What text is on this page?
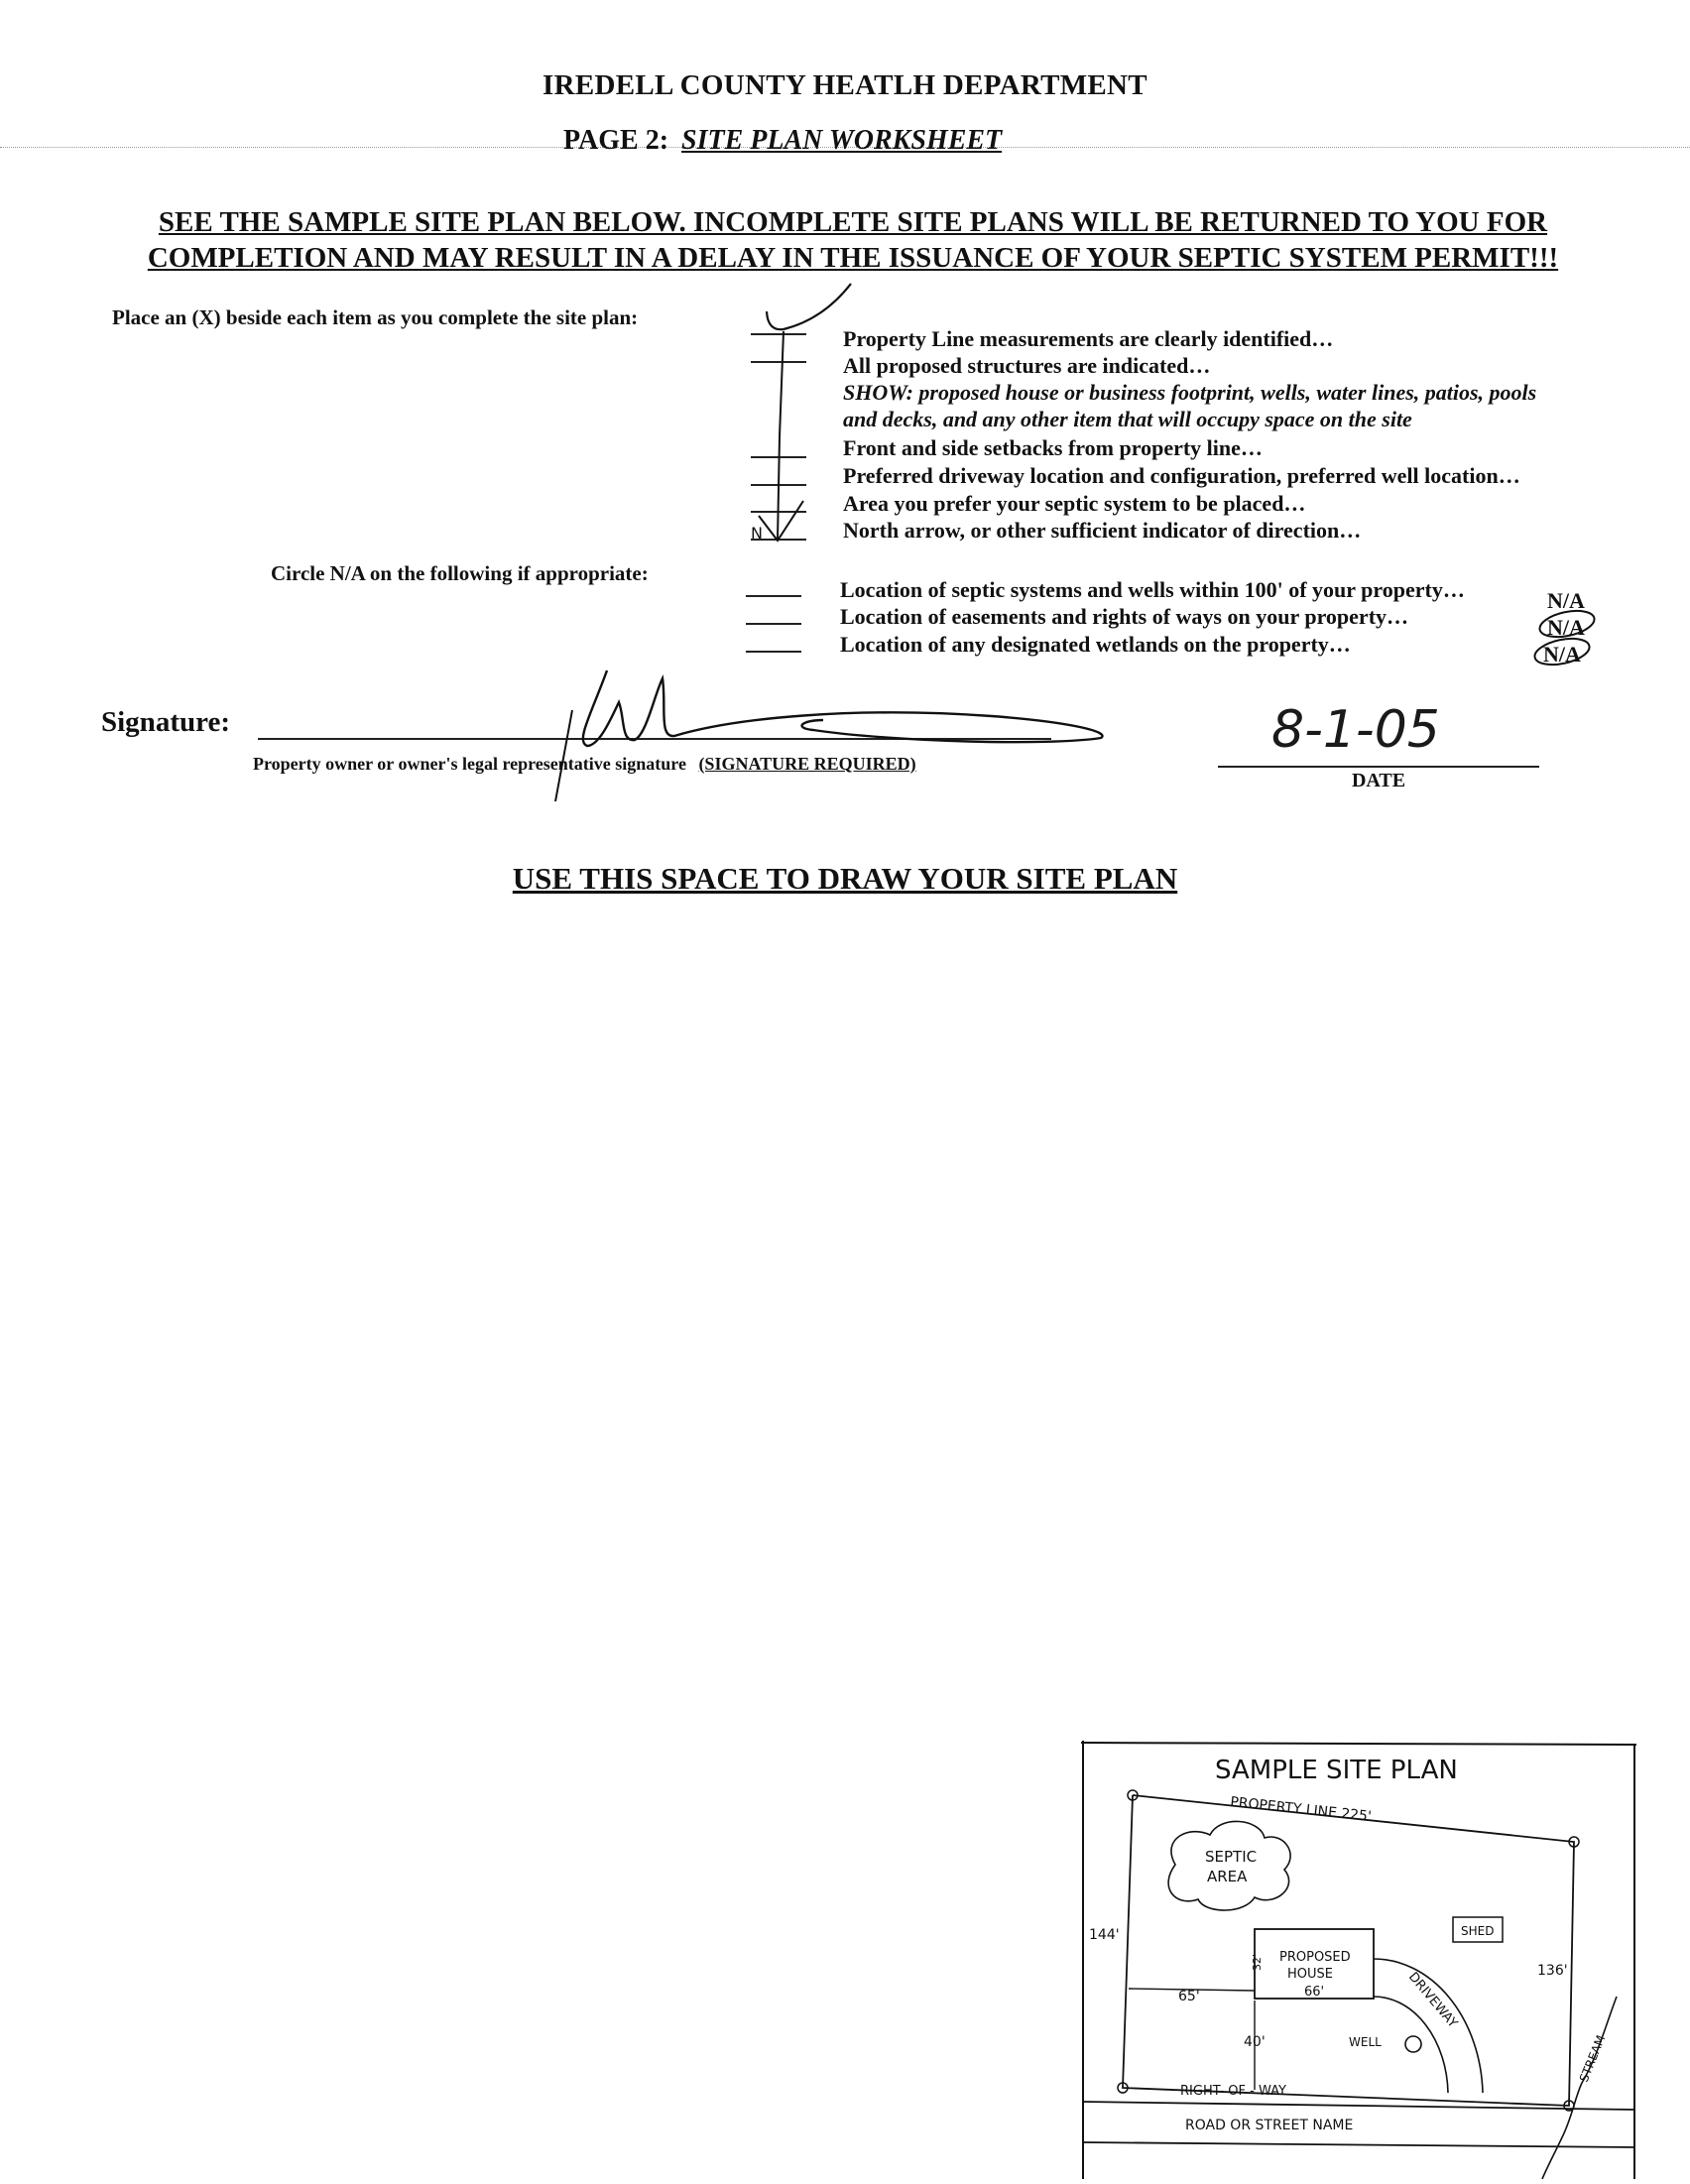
IREDELL COUNTY HEATLH DEPARTMENT
PAGE 2: SITE PLAN WORKSHEET
SEE THE SAMPLE SITE PLAN BELOW. INCOMPLETE SITE PLANS WILL BE RETURNED TO YOU FOR
COMPLETION AND MAY RESULT IN A DELAY IN THE ISSUANCE OF YOUR SEPTIC SYSTEM PERMIT!!!
Place an (X) beside each item as you complete the site plan:
Property Line measurements are clearly identified…
All proposed structures are indicated…
SHOW: proposed house or business footprint, wells, water lines, patios, pools
and decks, and any other item that will occupy space on the site
Front and side setbacks from property line…
Preferred driveway location and configuration, preferred well location…
Area you prefer your septic system to be placed…
North arrow, or other sufficient indicator of direction…
Circle N/A on the following if appropriate:
Location of septic systems and wells within 100' of your property…
Location of easements and rights of ways on your property…
Location of any designated wetlands on the property…
N/A
N/A
N/A
Signature:
Property owner or owner's legal representative signature (SIGNATURE REQUIRED)
8-1-05
DATE
USE THIS SPACE TO DRAW YOUR SITE PLAN
N
SAMPLE SITE PLAN
PROPERTY LINE 225'
SEPTIC
AREA
144'
136'
SHED
PROPOSED
HOUSE
66'
32'
65'
40'
DRIVEWAY
WELL
RIGHT- OF - WAY
ROAD OR STREET NAME
STREAM
